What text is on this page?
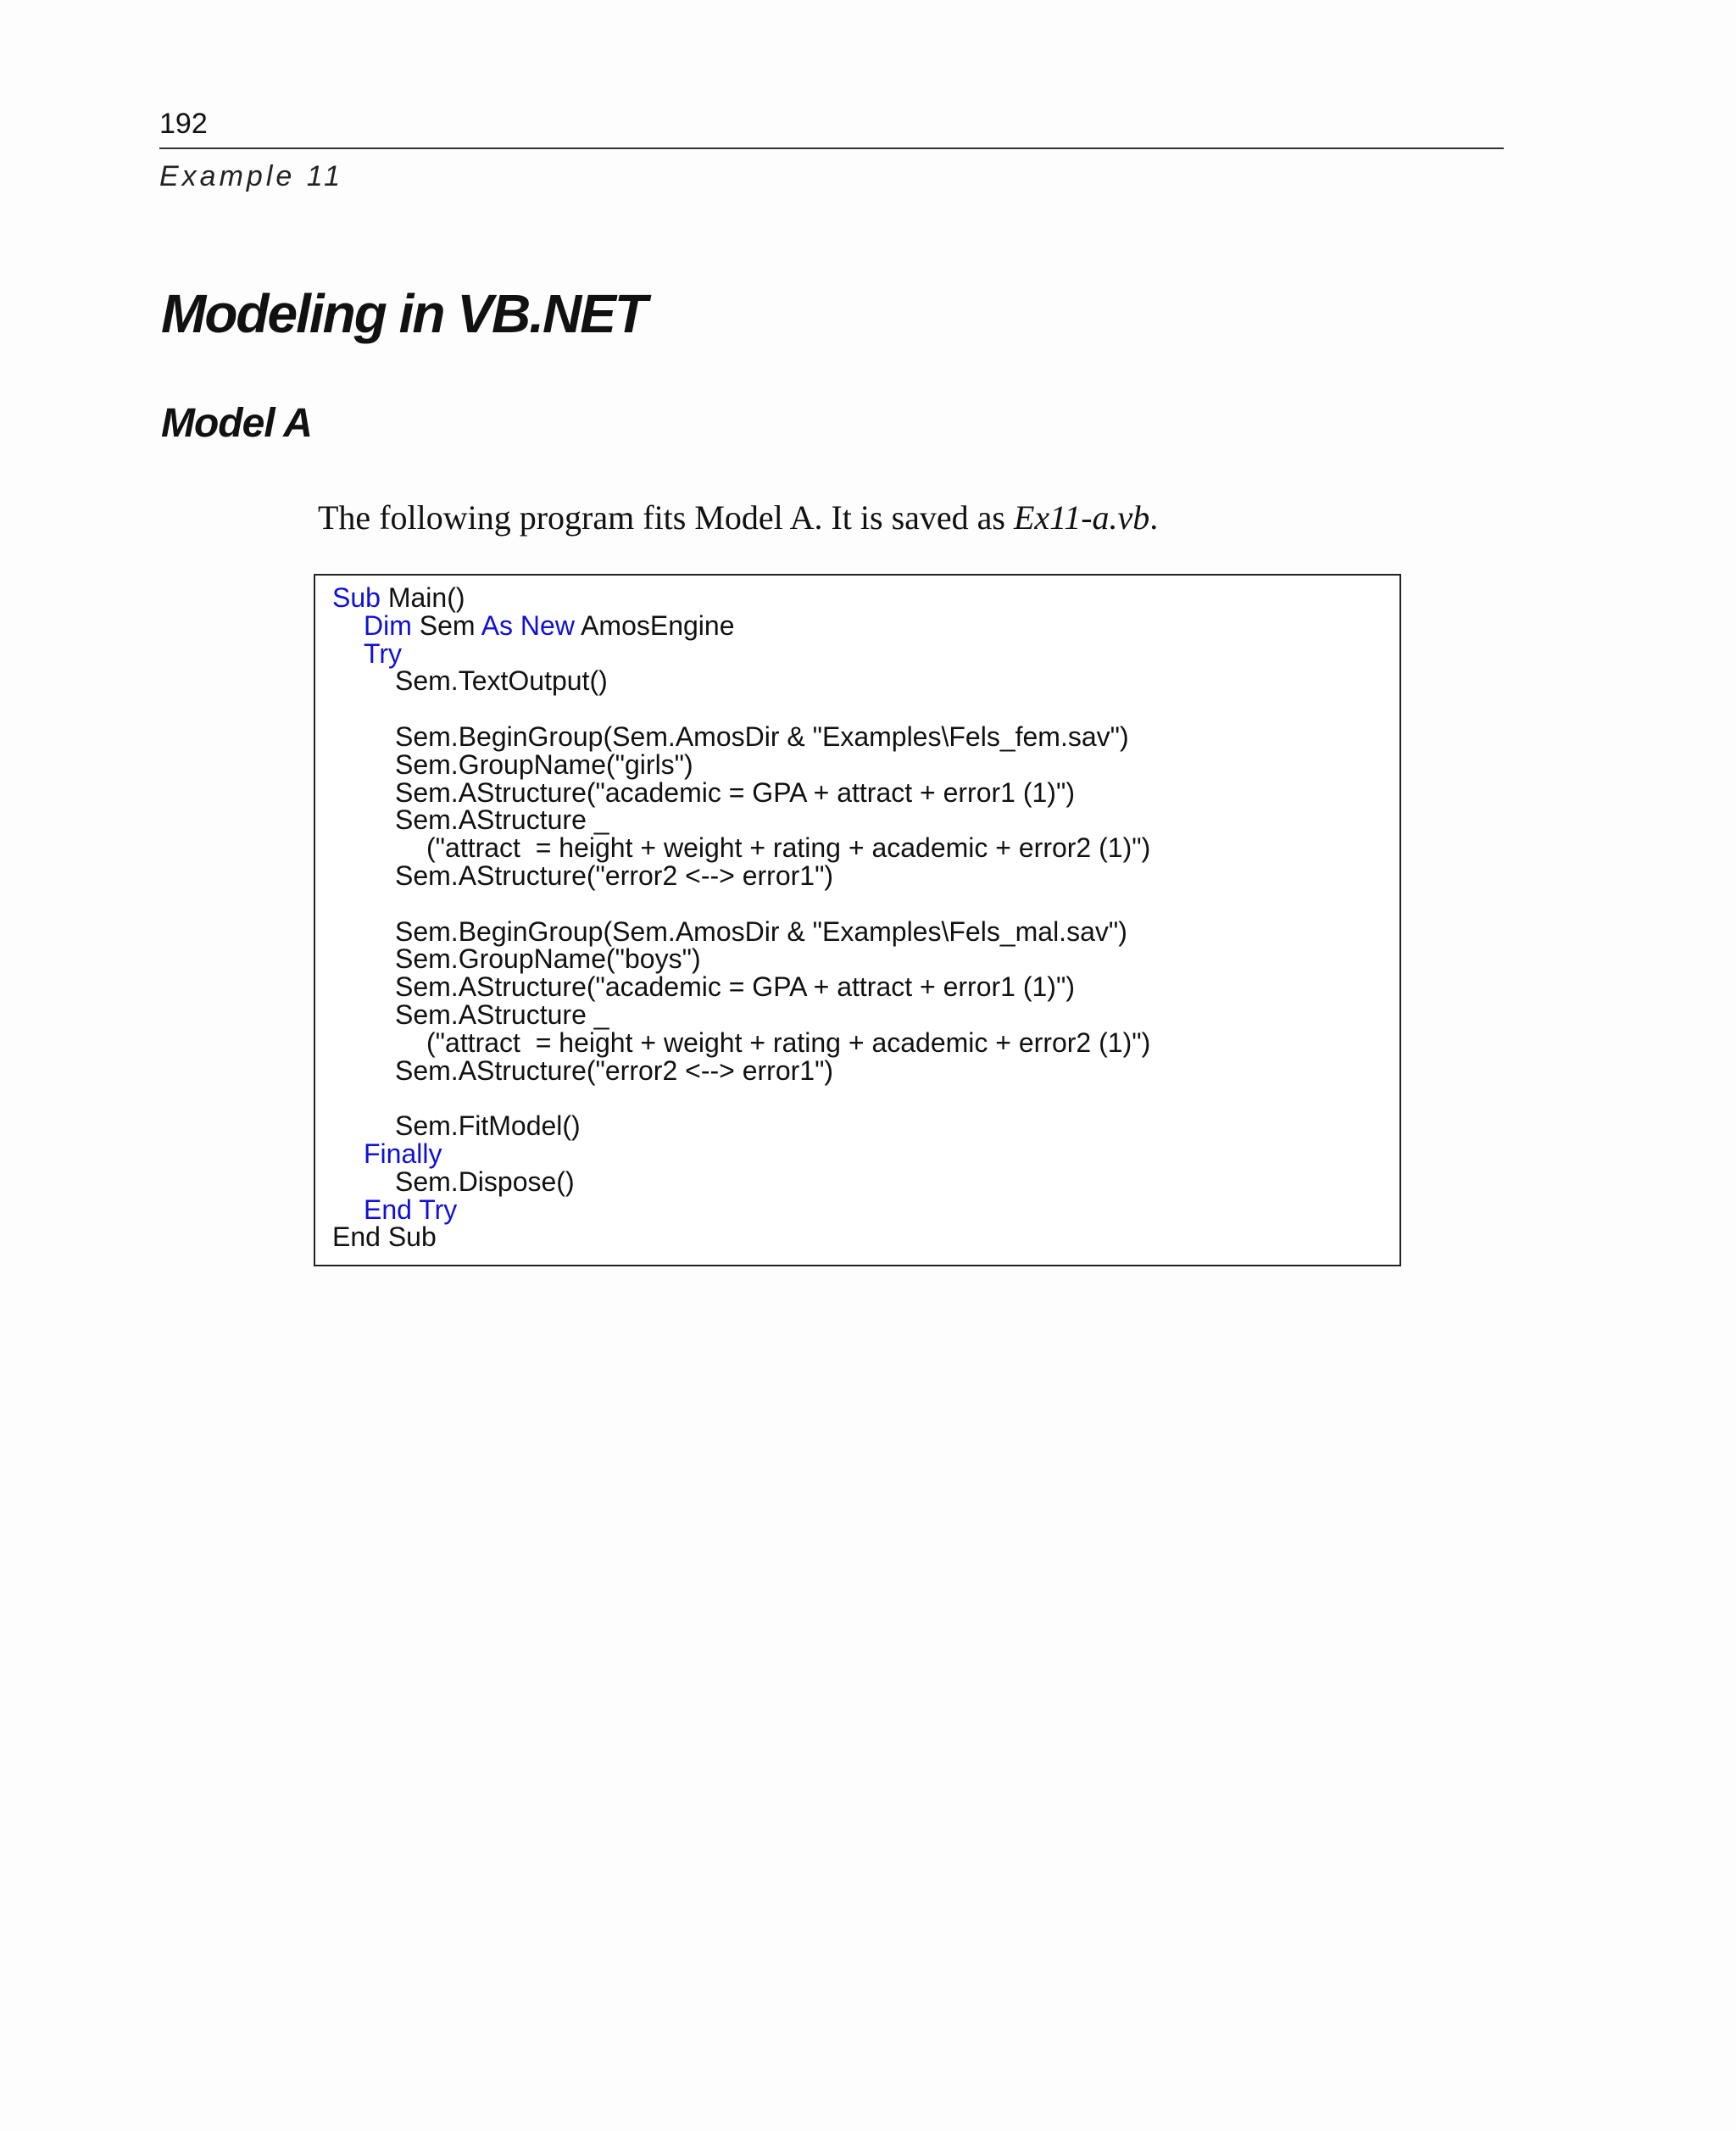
192
Example 11
Modeling in VB.NET
Model A

The following program fits Model A. It is saved as Ex11-a.vb.

Sub Main()
Dim Sem As New AmosEngine
Try
Sem.TextOutput()
Sem.BeginGroup(Sem.AmosDir & "Examples\Fels_fem.sav")
Sem.GroupName("girls")
Sem.AStructure("academic = GPA + attract + error1 (1)")
Sem.AStructure _
("attract  = height + weight + rating + academic + error2 (1)")
Sem.AStructure("error2 <--> error1")
Sem.BeginGroup(Sem.AmosDir & "Examples\Fels_mal.sav")
Sem.GroupName("boys")
Sem.AStructure("academic = GPA + attract + error1 (1)")
Sem.AStructure _
("attract  = height + weight + rating + academic + error2 (1)")
Sem.AStructure("error2 <--> error1")
Sem.FitModel()
Finally
Sem.Dispose()
End Try
End Sub
